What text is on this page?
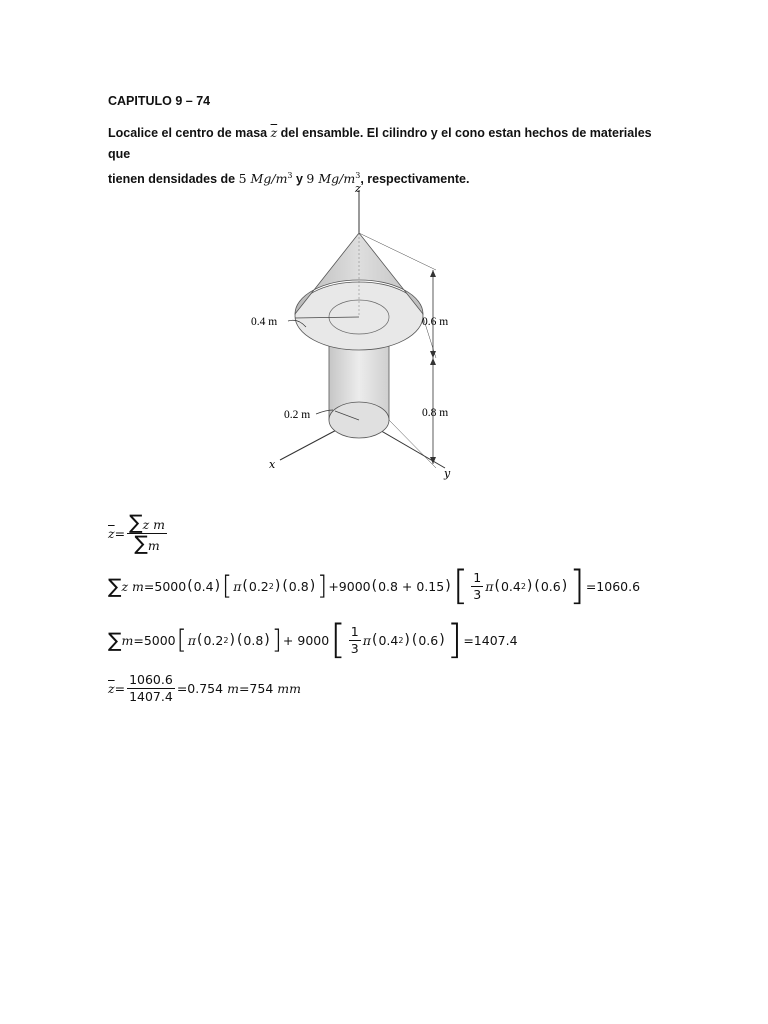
CAPITULO 9 – 74
Localice el centro de masa $\overline{z}$ del ensamble. El cilindro y el cono estan hechos de materiales que
tienen densidades de 5 $Mg/m^3$ y 9 $Mg/m^3$, respectivamente.
z
x
y
0.4 m	0.6 m
0.2 m	0.8 m
$\overline{z} = \frac{\text{∑z m}}{\sum m}$
∑ z m =5000 ( 0.4 ) [ π ( 0.2 2 ) ( 0.8 ) ] +9000 ( 0.8 + 0.15 ) [ $\frac{1}{3}$ π ( 0.4 2 ) ( 0.6 ) ] =1060.6
∑ m =5000 [ π ( 0.2 2 ) ( 0.8 ) ] + 9000 [ $\frac{1}{3}$ π ( 0.4 2 ) ( 0.6 ) ] =1407.4
$\overline{z} = \frac{1060.6}{1407.4} =0.754$
m =754
mm
